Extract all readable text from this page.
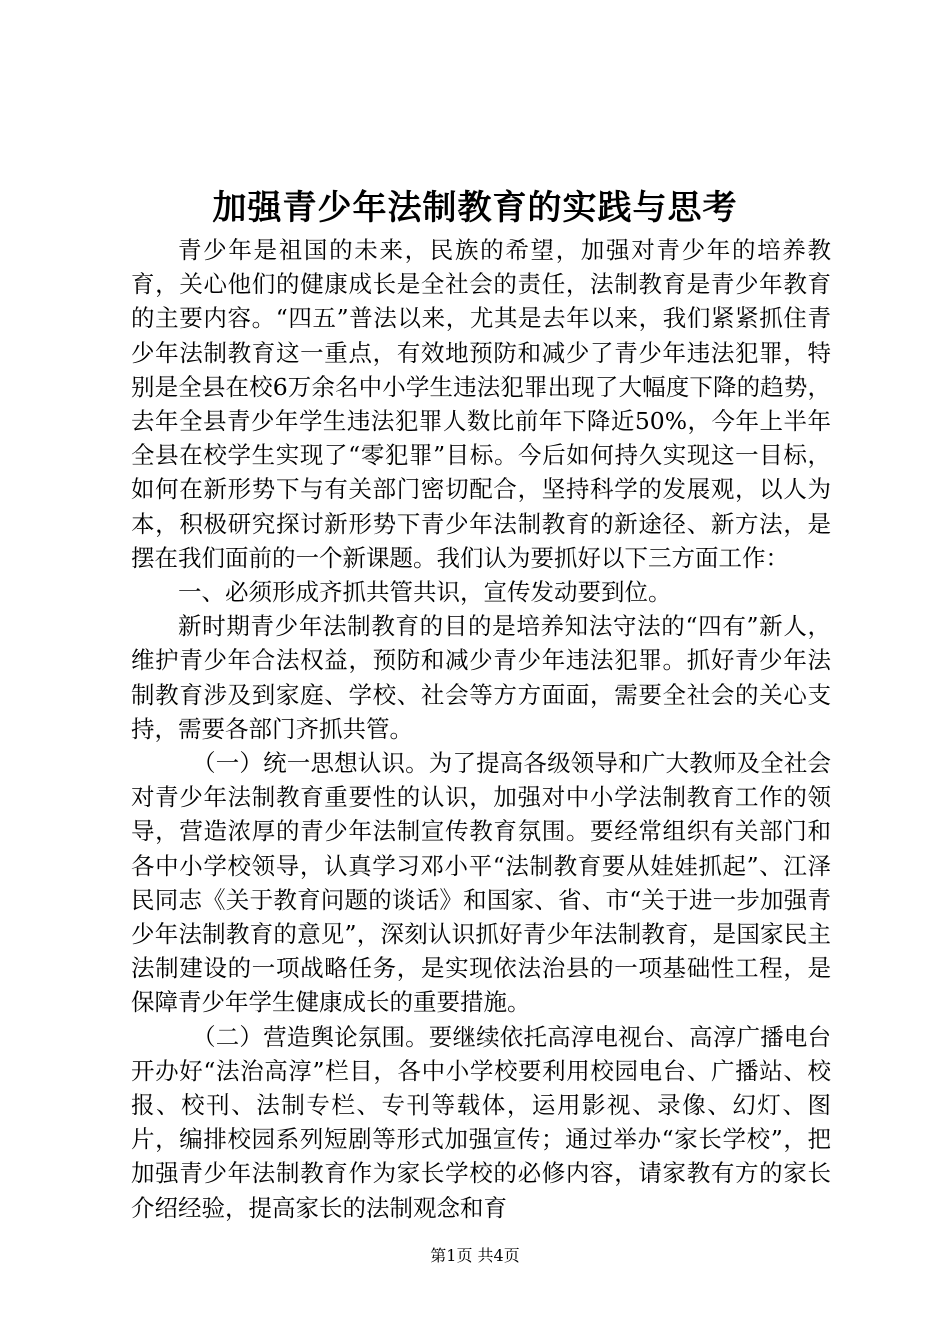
加强青少年法制教育的实践与思考

青少年是祖国的未来，民族的希望，加强对青少年的培养教育，关心他们的健康成长是全社会的责任，法制教育是青少年教育的主要内容。“四五”普法以来，尤其是去年以来，我们紧紧抓住青少年法制教育这一重点，有效地预防和减少了青少年违法犯罪，特别是全县在校6万余名中小学生违法犯罪出现了大幅度下降的趋势，去年全县青少年学生违法犯罪人数比前年下降近50%，今年上半年全县在校学生实现了“零犯罪”目标。今后如何持久实现这一目标，如何在新形势下与有关部门密切配合，坚持科学的发展观，以人为本，积极研究探讨新形势下青少年法制教育的新途径、新方法，是摆在我们面前的一个新课题。我们认为要抓好以下三方面工作：

一、必须形成齐抓共管共识，宣传发动要到位。

新时期青少年法制教育的目的是培养知法守法的“四有”新人，维护青少年合法权益，预防和减少青少年违法犯罪。抓好青少年法制教育涉及到家庭、学校、社会等方方面面，需要全社会的关心支持，需要各部门齐抓共管。

（一）统一思想认识。为了提高各级领导和广大教师及全社会对青少年法制教育重要性的认识，加强对中小学法制教育工作的领导，营造浓厚的青少年法制宣传教育氛围。要经常组织有关部门和各中小学校领导，认真学习邓小平“法制教育要从娃娃抓起”、江泽民同志《关于教育问题的谈话》和国家、省、市“关于进一步加强青少年法制教育的意见”，深刻认识抓好青少年法制教育，是国家民主法制建设的一项战略任务，是实现依法治县的一项基础性工程，是保障青少年学生健康成长的重要措施。

（二）营造舆论氛围。要继续依托高淳电视台、高淳广播电台开办好“法治高淳”栏目，各中小学校要利用校园电台、广播站、校报、校刊、法制专栏、专刊等载体，运用影视、录像、幻灯、图片，编排校园系列短剧等形式加强宣传；通过举办“家长学校”，把加强青少年法制教育作为家长学校的必修内容，请家教有方的家长介绍经验，提高家长的法制观念和育

第1页 共4页
